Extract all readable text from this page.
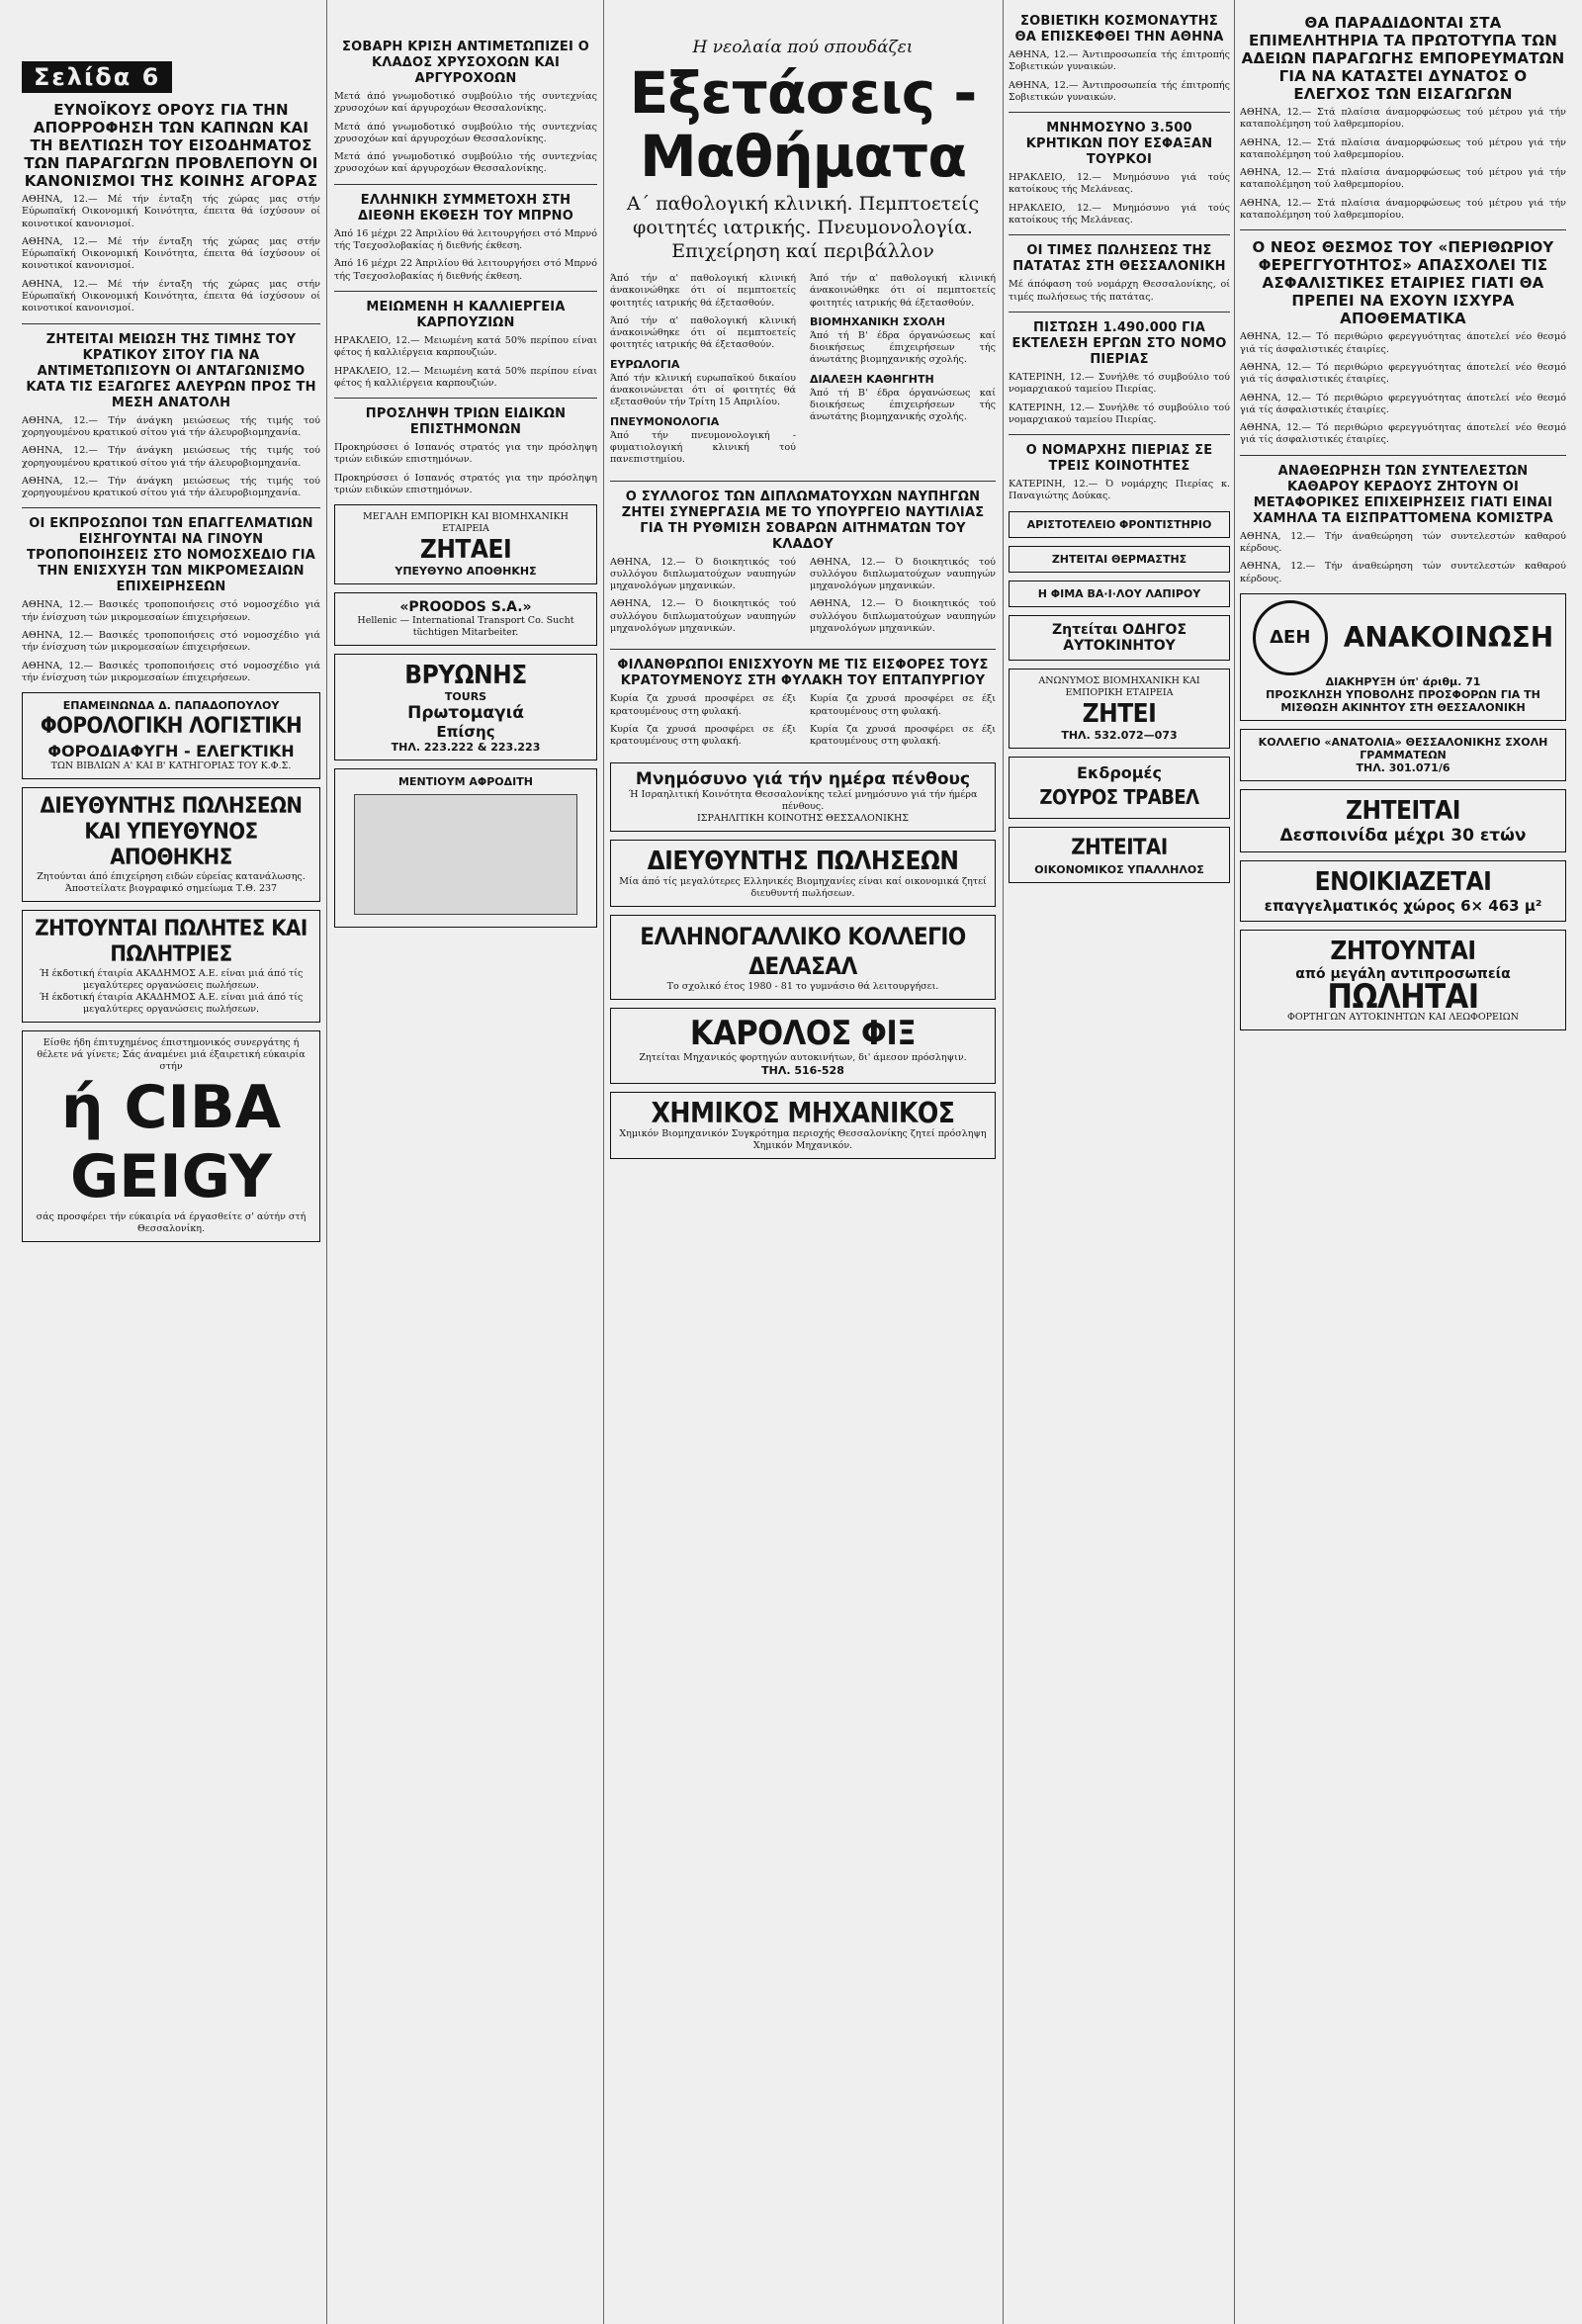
Σελίδα 6
ΕΥΝΟΪΚΟΥΣ ΟΡΟΥΣ ΓΙΑ ΤΗΝ ΑΠΟΡΡΟΦΗΣΗ ΤΩΝ ΚΑΠΝΩΝ ΚΑΙ ΤΗ ΒΕΛΤΙΩΣΗ ΤΟΥ ΕΙΣΟΔΗΜΑΤΟΣ ΤΩΝ ΠΑΡΑΓΩΓΩΝ ΠΡΟΒΛΕΠΟΥΝ ΟΙ ΚΑΝΟΝΙΣΜΟΙ ΤΗΣ ΚΟΙΝΗΣ ΑΓΟΡΑΣ

ΑΘΗΝΑ, 12.— Μέ τήν ένταξη τής χώρας μας στήν Εύρωπαϊκή Οικονομική Κοινότητα, έπειτα θά ίσχύσουν οί κοινοτικοί κανονισμοί.

ΑΘΗΝΑ, 12.— Μέ τήν ένταξη τής χώρας μας στήν Εύρωπαϊκή Οικονομική Κοινότητα, έπειτα θά ίσχύσουν οί κοινοτικοί κανονισμοί.

ΑΘΗΝΑ, 12.— Μέ τήν ένταξη τής χώρας μας στήν Εύρωπαϊκή Οικονομική Κοινότητα, έπειτα θά ίσχύσουν οί κοινοτικοί κανονισμοί.

ΖΗΤΕΙΤΑΙ ΜΕΙΩΣΗ ΤΗΣ ΤΙΜΗΣ ΤΟΥ ΚΡΑΤΙΚΟΥ ΣΙΤΟΥ ΓΙΑ ΝΑ ΑΝΤΙΜΕΤΩΠΙΣΟΥΝ ΟΙ ΑΝΤΑΓΩΝΙΣΜΟ ΚΑΤΑ ΤΙΣ ΕΞΑΓΩΓΕΣ ΑΛΕΥΡΩΝ ΠΡΟΣ ΤΗ ΜΕΣΗ ΑΝΑΤΟΛΗ

ΑΘΗΝΑ, 12.— Τήν άνάγκη μειώσεως τής τιμής τού χορηγουμένου κρατικού σίτου γιά τήν άλευροβιομηχανία.

ΑΘΗΝΑ, 12.— Τήν άνάγκη μειώσεως τής τιμής τού χορηγουμένου κρατικού σίτου γιά τήν άλευροβιομηχανία.

ΑΘΗΝΑ, 12.— Τήν άνάγκη μειώσεως τής τιμής τού χορηγουμένου κρατικού σίτου γιά τήν άλευροβιομηχανία.

ΟΙ ΕΚΠΡΟΣΩΠΟΙ ΤΩΝ ΕΠΑΓΓΕΛΜΑΤΙΩΝ ΕΙΣΗΓΟΥΝΤΑΙ ΝΑ ΓΙΝΟΥΝ ΤΡΟΠΟΠΟΙΗΣΕΙΣ ΣΤΟ ΝΟΜΟΣΧΕΔΙΟ ΓΙΑ ΤΗΝ ΕΝΙΣΧΥΣΗ ΤΩΝ ΜΙΚΡΟΜΕΣΑΙΩΝ ΕΠΙΧΕΙΡΗΣΕΩΝ

ΑΘΗΝΑ, 12.— Βασικές τροποποιήσεις στό νομοσχέδιο γιά τήν ένίσχυση τών μικρομεσαίων έπιχειρήσεων.

ΑΘΗΝΑ, 12.— Βασικές τροποποιήσεις στό νομοσχέδιο γιά τήν ένίσχυση τών μικρομεσαίων έπιχειρήσεων.

ΑΘΗΝΑ, 12.— Βασικές τροποποιήσεις στό νομοσχέδιο γιά τήν ένίσχυση τών μικρομεσαίων έπιχειρήσεων.

ΕΠΑΜΕΙΝΩΝΔΑ Δ. ΠΑΠΑΔΟΠΟΥΛΟΥ
ΦΟΡΟΛΟΓΙΚΗ ΛΟΓΙΣΤΙΚΗ
ΦΟΡΟΔΙΑΦΥΓΗ - ΕΛΕΓΚΤΙΚΗ
ΤΩΝ ΒΙΒΛΙΩΝ Α' ΚΑΙ Β' ΚΑΤΗΓΟΡΙΑΣ ΤΟΥ Κ.Φ.Σ.
ΔΙΕΥΘΥΝΤΗΣ ΠΩΛΗΣΕΩΝ ΚΑΙ ΥΠΕΥΘΥΝΟΣ ΑΠΟΘΗΚΗΣ
Ζητούνται άπό έπιχείρηση ειδών εύρείας κατανάλωσης. Άποστείλατε βιογραφικό σημείωμα Τ.Θ. 237
ΖΗΤΟΥΝΤΑΙ ΠΩΛΗΤΕΣ ΚΑΙ ΠΩΛΗΤΡΙΕΣ
Ή έκδοτική έταιρία ΑΚΑΔΗΜΟΣ Α.Ε. είναι μιά άπό τίς μεγαλύτερες οργανώσεις πωλήσεων.
Ή έκδοτική έταιρία ΑΚΑΔΗΜΟΣ Α.Ε. είναι μιά άπό τίς μεγαλύτερες οργανώσεις πωλήσεων.
Είσθε ήδη έπιτυχημένος έπιστημονικός συνεργάτης ή θέλετε νά γίνετε; Σάς άναμένει μιά έξαιρετική εύκαιρία στήν
ή CIBA GEIGY
σάς προσφέρει τήν εύκαιρία νά έργασθείτε σ' αύτήν στή Θεσσαλονίκη.
ΣΟΒΑΡΗ ΚΡΙΣΗ ΑΝΤΙΜΕΤΩΠΙΖΕΙ Ο ΚΛΑΔΟΣ ΧΡΥΣΟΧΟΩΝ ΚΑΙ ΑΡΓΥΡΟΧΟΩΝ

Μετά άπό γνωμοδοτικό συμβούλιο τής συντεχνίας χρυσοχόων καί άργυροχόων Θεσσαλονίκης.

Μετά άπό γνωμοδοτικό συμβούλιο τής συντεχνίας χρυσοχόων καί άργυροχόων Θεσσαλονίκης.

Μετά άπό γνωμοδοτικό συμβούλιο τής συντεχνίας χρυσοχόων καί άργυροχόων Θεσσαλονίκης.

ΕΛΛΗΝΙΚΗ ΣΥΜΜΕΤΟΧΗ ΣΤΗ ΔΙΕΘΝΗ ΕΚΘΕΣΗ ΤΟΥ ΜΠΡΝΟ

Άπό 16 μέχρι 22 Άπριλίου θά λειτουργήσει στό Μπρνό τής Τσεχοσλοβακίας ή διεθνής έκθεση.

Άπό 16 μέχρι 22 Άπριλίου θά λειτουργήσει στό Μπρνό τής Τσεχοσλοβακίας ή διεθνής έκθεση.

ΜΕΙΩΜΕΝΗ Η ΚΑΛΛΙΕΡΓΕΙΑ ΚΑΡΠΟΥΖΙΩΝ

ΗΡΑΚΛΕΙΟ, 12.— Μειωμένη κατά 50% περίπου είναι φέτος ή καλλιέργεια καρπουζιών.

ΗΡΑΚΛΕΙΟ, 12.— Μειωμένη κατά 50% περίπου είναι φέτος ή καλλιέργεια καρπουζιών.

ΠΡΟΣΛΗΨΗ ΤΡΙΩΝ ΕΙΔΙΚΩΝ ΕΠΙΣΤΗΜΟΝΩΝ

Προκηρύσσει ό Ισπανός στρατός για την πρόσληψη τριών ειδικών επιστημόνων.

Προκηρύσσει ό Ισπανός στρατός για την πρόσληψη τριών ειδικών επιστημόνων.

ΜΕΓΑΛΗ ΕΜΠΟΡΙΚΗ ΚΑΙ ΒΙΟΜΗΧΑΝΙΚΗ ΕΤΑΙΡΕΙΑ
ΖΗΤΑΕΙ
ΥΠΕΥΘΥΝΟ ΑΠΟΘΗΚΗΣ
«PROODOS S.A.»
Hellenic — International Transport Co. Sucht tüchtigen Mitarbeiter.
ΒΡΥΩΝΗΣ
TOURS
Πρωτομαγιά
Επίσης
ΤΗΛ. 223.222 & 223.223
ΜΕΝΤΙΟΥΜ ΑΦΡΟΔΙΤΗ
Η νεολαία πού σπουδάζει
Εξετάσεις - Μαθήματα
Α΄ παθολογική κλινική. Πεμπτοετείς φοιτητές ιατρικής. Πνευμονολογία. Επιχείρηση καί περιβάλλον

Άπό τήν α' παθολογική κλινική άνακοινώθηκε ότι οί πεμπτοετείς φοιτητές ιατρικής θά έξετασθούν.

Άπό τήν α' παθολογική κλινική άνακοινώθηκε ότι οί πεμπτοετείς φοιτητές ιατρικής θά έξετασθούν.

ΕΥΡΩΛΟΓΙΑ

Άπό τήν κλινική ευρωπαϊκού δικαίου άνακοινώνεται ότι οί φοιτητές θά εξετασθούν τήν Τρίτη 15 Απριλίου.

ΠΝΕΥΜΟΝΟΛΟΓΙΑ

Άπό τήν πνευμονολογική - φυματιολογική κλινική τού πανεπιστημίου.

Άπό τήν α' παθολογική κλινική άνακοινώθηκε ότι οί πεμπτοετείς φοιτητές ιατρικής θά έξετασθούν.

ΒΙΟΜΗΧΑΝΙΚΗ ΣΧΟΛΗ

Άπό τή Β' έδρα όργανώσεως καί διοικήσεως έπιχειρήσεων τής άνωτάτης βιομηχανικής σχολής.

ΔΙΑΛΕΞΗ ΚΑΘΗΓΗΤΗ

Άπό τή Β' έδρα όργανώσεως καί διοικήσεως έπιχειρήσεων τής άνωτάτης βιομηχανικής σχολής.

Ο ΣΥΛΛΟΓΟΣ ΤΩΝ ΔΙΠΛΩΜΑΤΟΥΧΩΝ ΝΑΥΠΗΓΩΝ ΖΗΤΕΙ ΣΥΝΕΡΓΑΣΙΑ ΜΕ ΤΟ ΥΠΟΥΡΓΕΙΟ ΝΑΥΤΙΛΙΑΣ ΓΙΑ ΤΗ ΡΥΘΜΙΣΗ ΣΟΒΑΡΩΝ ΑΙΤΗΜΑΤΩΝ ΤΟΥ ΚΛΑΔΟΥ

ΑΘΗΝΑ, 12.— Ό διοικητικός τού συλλόγου διπλωματούχων ναυπηγών μηχανολόγων μηχανικών.

ΑΘΗΝΑ, 12.— Ό διοικητικός τού συλλόγου διπλωματούχων ναυπηγών μηχανολόγων μηχανικών.

ΑΘΗΝΑ, 12.— Ό διοικητικός τού συλλόγου διπλωματούχων ναυπηγών μηχανολόγων μηχανικών.

ΑΘΗΝΑ, 12.— Ό διοικητικός τού συλλόγου διπλωματούχων ναυπηγών μηχανολόγων μηχανικών.

ΦΙΛΑΝΘΡΩΠΟΙ ΕΝΙΣΧΥΟΥΝ ΜΕ ΤΙΣ ΕΙΣΦΟΡΕΣ ΤΟΥΣ ΚΡΑΤΟΥΜΕΝΟΥΣ ΣΤΗ ΦΥΛΑΚΗ ΤΟΥ ΕΠΤΑΠΥΡΓΙΟΥ

Κυρία ζα χρυσά προσφέρει σε έξι κρατουμένους στη φυλακή.

Κυρία ζα χρυσά προσφέρει σε έξι κρατουμένους στη φυλακή.

Κυρία ζα χρυσά προσφέρει σε έξι κρατουμένους στη φυλακή.

Κυρία ζα χρυσά προσφέρει σε έξι κρατουμένους στη φυλακή.

Μνημόσυνο γιά τήν ημέρα πένθους
Ή Ισραηλιτική Κοινότητα Θεσσαλονίκης τελεί μνημόσυνο γιά τήν ήμέρα πένθους.
ΙΣΡΑΗΛΙΤΙΚΗ ΚΟΙΝΟΤΗΣ ΘΕΣΣΑΛΟΝΙΚΗΣ
ΔΙΕΥΘΥΝΤΗΣ ΠΩΛΗΣΕΩΝ
Μία άπό τίς μεγαλύτερες Ελληνικές Βιομηχανίες είναι καί οικονομικά ζητεί διευθυντή πωλήσεων.
ΕΛΛΗΝΟΓΑΛΛΙΚΟ ΚΟΛΛΕΓΙΟ ΔΕΛΑΣΑΛ
Το σχολικό έτος 1980 - 81 το γυμνάσιο θά λειτουργήσει.
ΚΑΡΟΛΟΣ ΦΙΞ
Ζητείται Μηχανικός φορτηγών αυτοκινήτων, δι' άμεσον πρόσληψιν.
ΤΗΛ. 516-528
ΧΗΜΙΚΟΣ ΜΗΧΑΝΙΚΟΣ
Χημικόν Βιομηχανικόν Συγκρότημα περιοχής Θεσσαλονίκης ζητεί πρόσληψη Χημικόν Μηχανικόν.
ΣΟΒΙΕΤΙΚΗ ΚΟΣΜΟΝΑΥΤΗΣ ΘΑ ΕΠΙΣΚΕΦΘΕΙ ΤΗΝ ΑΘΗΝΑ

ΑΘΗΝΑ, 12.— Άντιπροσωπεία τής έπιτροπής Σοβιετικών γυναικών.

ΑΘΗΝΑ, 12.— Άντιπροσωπεία τής έπιτροπής Σοβιετικών γυναικών.

ΜΝΗΜΟΣΥΝΟ 3.500 ΚΡΗΤΙΚΩΝ ΠΟΥ ΕΣΦΑΞΑΝ ΤΟΥΡΚΟΙ

ΗΡΑΚΛΕΙΟ, 12.— Μνημόσυνο γιά τούς κατοίκους τής Μελάνεας.

ΗΡΑΚΛΕΙΟ, 12.— Μνημόσυνο γιά τούς κατοίκους τής Μελάνεας.

ΟΙ ΤΙΜΕΣ ΠΩΛΗΣΕΩΣ ΤΗΣ ΠΑΤΑΤΑΣ ΣΤΗ ΘΕΣΣΑΛΟΝΙΚΗ

Μέ άπόφαση τού νομάρχη Θεσσαλονίκης, οί τιμές πωλήσεως τής πατάτας.

ΠΙΣΤΩΣΗ 1.490.000 ΓΙΑ ΕΚΤΕΛΕΣΗ ΕΡΓΩΝ ΣΤΟ ΝΟΜΟ ΠΙΕΡΙΑΣ

ΚΑΤΕΡΙΝΗ, 12.— Συνήλθε τό συμβούλιο τού νομαρχιακού ταμείου Πιερίας.

ΚΑΤΕΡΙΝΗ, 12.— Συνήλθε τό συμβούλιο τού νομαρχιακού ταμείου Πιερίας.

Ο ΝΟΜΑΡΧΗΣ ΠΙΕΡΙΑΣ ΣΕ ΤΡΕΙΣ ΚΟΙΝΟΤΗΤΕΣ

ΚΑΤΕΡΙΝΗ, 12.— Ό νομάρχης Πιερίας κ. Παναγιώτης Δούκας.

ΑΡΙΣΤΟΤΕΛΕΙΟ ΦΡΟΝΤΙΣΤΗΡΙΟ
ΖΗΤΕΙΤΑΙ ΘΕΡΜΑΣΤΗΣ
Η ΦΙΜΑ ΒΑ·Ι·ΛΟΥ ΛΑΠΙΡΟΥ
Ζητείται ΟΔΗΓΟΣ ΑΥΤΟΚΙΝΗΤΟΥ
ΑΝΩΝΥΜΟΣ ΒΙΟΜΗΧΑΝΙΚΗ ΚΑΙ ΕΜΠΟΡΙΚΗ ΕΤΑΙΡΕΙΑ
ΖΗΤΕΙ
ΤΗΛ. 532.072—073
Εκδρομές
ΖΟΥΡΟΣ ΤΡΑΒΕΛ
ΖΗΤΕΙΤΑΙ
ΟΙΚΟΝΟΜΙΚΟΣ ΥΠΑΛΛΗΛΟΣ
ΘΑ ΠΑΡΑΔΙΔΟΝΤΑΙ ΣΤΑ ΕΠΙΜΕΛΗΤΗΡΙΑ ΤΑ ΠΡΩΤΟΤΥΠΑ ΤΩΝ ΑΔΕΙΩΝ ΠΑΡΑΓΩΓΗΣ ΕΜΠΟΡΕΥΜΑΤΩΝ ΓΙΑ ΝΑ ΚΑΤΑΣΤΕΙ ΔΥΝΑΤΟΣ Ο ΕΛΕΓΧΟΣ ΤΩΝ ΕΙΣΑΓΩΓΩΝ

ΑΘΗΝΑ, 12.— Στά πλαίσια άναμορφώσεως τού μέτρου γιά τήν καταπολέμηση τού λαθρεμπορίου.

ΑΘΗΝΑ, 12.— Στά πλαίσια άναμορφώσεως τού μέτρου γιά τήν καταπολέμηση τού λαθρεμπορίου.

ΑΘΗΝΑ, 12.— Στά πλαίσια άναμορφώσεως τού μέτρου γιά τήν καταπολέμηση τού λαθρεμπορίου.

ΑΘΗΝΑ, 12.— Στά πλαίσια άναμορφώσεως τού μέτρου γιά τήν καταπολέμηση τού λαθρεμπορίου.

Ο ΝΕΟΣ ΘΕΣΜΟΣ ΤΟΥ «ΠΕΡΙΘΩΡΙΟΥ ΦΕΡΕΓΓΥΟΤΗΤΟΣ» ΑΠΑΣΧΟΛΕΙ ΤΙΣ ΑΣΦΑΛΙΣΤΙΚΕΣ ΕΤΑΙΡΙΕΣ ΓΙΑΤΙ ΘΑ ΠΡΕΠΕΙ ΝΑ ΕΧΟΥΝ ΙΣΧΥΡΑ ΑΠΟΘΕΜΑΤΙΚΑ

ΑΘΗΝΑ, 12.— Τό περιθώριο φερεγγυότητας άποτελεί νέο θεσμό γιά τίς άσφαλιστικές έταιρίες.

ΑΘΗΝΑ, 12.— Τό περιθώριο φερεγγυότητας άποτελεί νέο θεσμό γιά τίς άσφαλιστικές έταιρίες.

ΑΘΗΝΑ, 12.— Τό περιθώριο φερεγγυότητας άποτελεί νέο θεσμό γιά τίς άσφαλιστικές έταιρίες.

ΑΘΗΝΑ, 12.— Τό περιθώριο φερεγγυότητας άποτελεί νέο θεσμό γιά τίς άσφαλιστικές έταιρίες.

ΑΝΑΘΕΩΡΗΣΗ ΤΩΝ ΣΥΝΤΕΛΕΣΤΩΝ ΚΑΘΑΡΟΥ ΚΕΡΔΟΥΣ ΖΗΤΟΥΝ ΟΙ ΜΕΤΑΦΟΡΙΚΕΣ ΕΠΙΧΕΙΡΗΣΕΙΣ ΓΙΑΤΙ ΕΙΝΑΙ ΧΑΜΗΛΑ ΤΑ ΕΙΣΠΡΑΤΤΟΜΕΝΑ ΚΟΜΙΣΤΡΑ

ΑΘΗΝΑ, 12.— Τήν άναθεώρηση τών συντελεστών καθαρού κέρδους.

ΑΘΗΝΑ, 12.— Τήν άναθεώρηση τών συντελεστών καθαρού κέρδους.

ΔΕΗ	ΑΝΑΚΟΙΝΩΣΗ
ΔΙΑΚΗΡΥΞΗ ύπ' άριθμ. 71
ΠΡΟΣΚΛΗΣΗ ΥΠΟΒΟΛΗΣ ΠΡΟΣΦΟΡΩΝ ΓΙΑ ΤΗ ΜΙΣΘΩΣΗ ΑΚΙΝΗΤΟΥ ΣΤΗ ΘΕΣΣΑΛΟΝΙΚΗ
ΚΟΛΛΕΓΙΟ «ΑΝΑΤΟΛΙΑ» ΘΕΣΣΑΛΟΝΙΚΗΣ ΣΧΟΛΗ ΓΡΑΜΜΑΤΕΩΝ
ΤΗΛ. 301.071/6
ΖΗΤΕΙΤΑΙ
Δεσποινίδα μέχρι 30 ετών
ΕΝΟΙΚΙΑΖΕΤΑΙ
επαγγελματικός χώρος 6× 463 μ²
ΖΗΤΟΥΝΤΑΙ
από μεγάλη αντιπροσωπεία
ΠΩΛΗΤΑΙ
ΦΟΡΤΗΓΩΝ ΑΥΤΟΚΙΝΗΤΩΝ ΚΑΙ ΛΕΩΦΟΡΕΙΩΝ
